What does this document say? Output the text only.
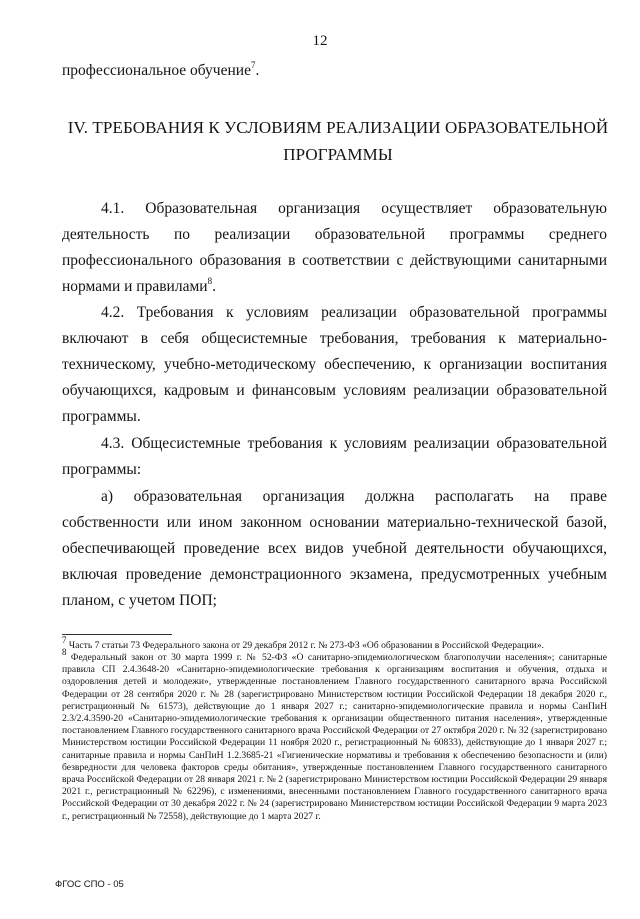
12
профессиональное обучение$^7$.
IV. ТРЕБОВАНИЯ К УСЛОВИЯМ РЕАЛИЗАЦИИ ОБРАЗОВАТЕЛЬНОЙ
ПРОГРАММЫ
4.1. Образовательная организация осуществляет образовательную деятельность по реализации образовательной программы среднего профессионального образования в соответствии с действующими санитарными нормами и правилами$^8$.
4.2. Требования к условиям реализации образовательной программы включают в себя общесистемные требования, требования к материально-техническому, учебно-методическому обеспечению, к организации воспитания обучающихся, кадровым и финансовым условиям реализации образовательной программы.
4.3. Общесистемные требования к условиям реализации образовательной программы:
а) образовательная организация должна располагать на праве собственности или ином законном основании материально-технической базой, обеспечивающей проведение всех видов учебной деятельности обучающихся, включая проведение демонстрационного экзамена, предусмотренных учебным планом, с учетом ПОП;
$^7$ Часть 7 статьи 73 Федерального закона от 29 декабря 2012 г. № 273-ФЗ «Об образовании в Российской Федерации».
$^8$ Федеральный закон от 30 марта 1999 г. № 52-ФЗ «О санитарно-эпидемиологическом благополучии населения»; санитарные правила СП 2.4.3648-20 «Санитарно-эпидемиологические требования к организациям воспитания и обучения, отдыха и оздоровления детей и молодежи», утвержденные постановлением Главного государственного санитарного врача Российской Федерации от 28 сентября 2020 г. № 28 (зарегистрировано Министерством юстиции Российской Федерации 18 декабря 2020 г., регистрационный № 61573), действующие до 1 января 2027 г.; санитарно-эпидемиологические правила и нормы СанПиН 2.3/2.4.3590-20 «Санитарно-эпидемиологические требования к организации общественного питания населения», утвержденные постановлением Главного государственного санитарного врача Российской Федерации от 27 октября 2020 г. № 32 (зарегистрировано Министерством юстиции Российской Федерации 11 ноября 2020 г., регистрационный № 60833), действующие до 1 января 2027 г.; санитарные правила и нормы СанПиН 1.2.3685-21 «Гигиенические нормативы и требования к обеспечению безопасности и (или) безвредности для человека факторов среды обитания», утвержденные постановлением Главного государственного санитарного врача Российской Федерации от 28 января 2021 г. № 2 (зарегистрировано Министерством юстиции Российской Федерации 29 января 2021 г., регистрационный № 62296), с изменениями, внесенными постановлением Главного государственного санитарного врача Российской Федерации от 30 декабря 2022 г. № 24 (зарегистрировано Министерством юстиции Российской Федерации 9 марта 2023 г., регистрационный № 72558), действующие до 1 марта 2027 г.
ФГОС СПО - 05
